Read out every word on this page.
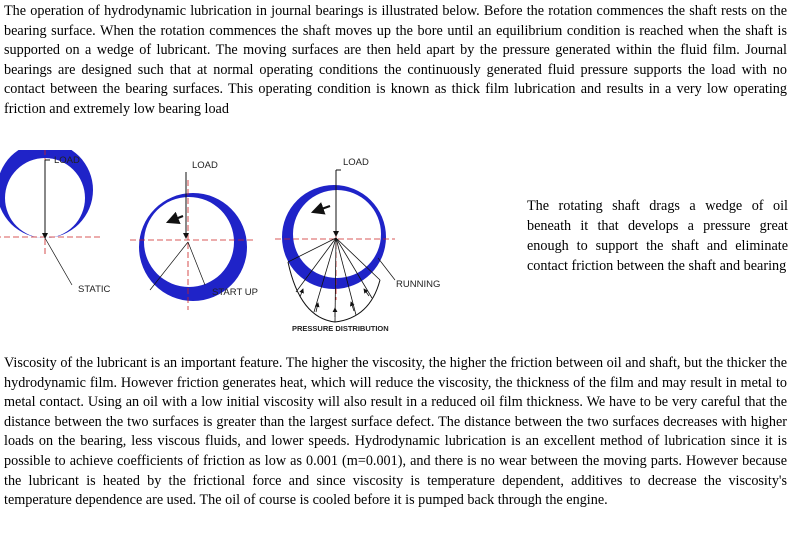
The operation of hydrodynamic lubrication in journal bearings is illustrated below. Before the rotation commences the shaft rests on the bearing surface. When the rotation commences the shaft moves up the bore until an equilibrium condition is reached when the shaft is supported on a wedge of lubricant. The moving surfaces are then held apart by the pressure generated within the fluid film. Journal bearings are designed such that at normal operating conditions the continuously generated fluid pressure supports the load with no contact between the bearing surfaces. This operating condition is known as thick film lubrication and results in a very low operating friction and extremely low bearing load

LOAD
STATIC
LOAD
START UP
LOAD
RUNNING
PRESSURE DISTRIBUTION

The rotating shaft drags a wedge of oil beneath it that develops a pressure great enough to support the shaft and eliminate contact friction between the shaft and bearing

Viscosity of the lubricant is an important feature. The higher the viscosity, the higher the friction between oil and shaft, but the thicker the hydrodynamic film. However friction generates heat, which will reduce the viscosity, the thickness of the film and may result in metal to metal contact. Using an oil with a low initial viscosity will also result in a reduced oil film thickness. We have to be very careful that the distance between the two surfaces is greater than the largest surface defect. The distance between the two surfaces decreases with higher loads on the bearing, less viscous fluids, and lower speeds. Hydrodynamic lubrication is an excellent method of lubrication since it is possible to achieve coefficients of friction as low as 0.001 (m=0.001), and there is no wear between the moving parts. However because the lubricant is heated by the frictional force and since viscosity is temperature dependent, additives to decrease the viscosity's temperature dependence are used. The oil of course is cooled before it is pumped back through the engine.
